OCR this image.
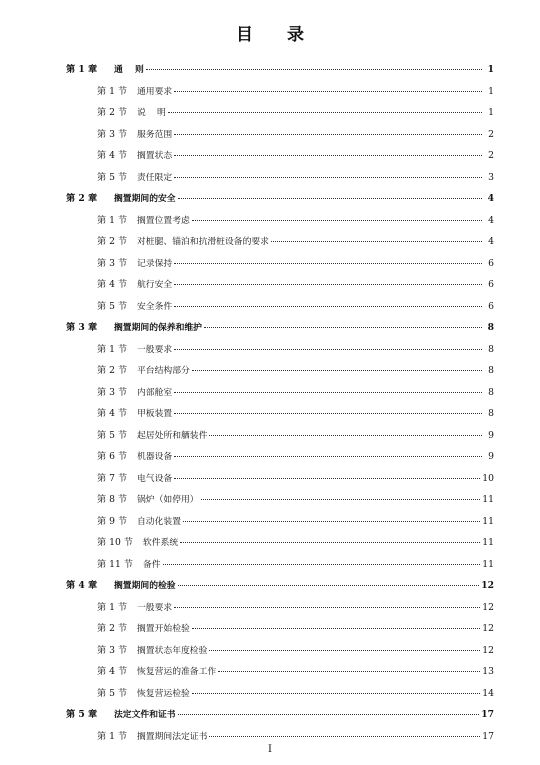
目 录
第 1 章	通    则	1
第 1 节	通用要求	1
第 2 节	说    明	1
第 3 节	服务范围	2
第 4 节	搁置状态	2
第 5 节	责任限定	3
第 2 章	搁置期间的安全	4
第 1 节	搁置位置考虑	4
第 2 节	对桩腿、锚泊和抗滑桩设备的要求	4
第 3 节	记录保持	6
第 4 节	航行安全	6
第 5 节	安全条件	6
第 3 章	搁置期间的保养和维护	8
第 1 节	一般要求	8
第 2 节	平台结构部分	8
第 3 节	内部舱室	8
第 4 节	甲板装置	8
第 5 节	起居处所和舾装件	9
第 6 节	机器设备	9
第 7 节	电气设备	10
第 8 节	锅炉（如停用）	11
第 9 节	自动化装置	11
第 10 节	软件系统	11
第 11 节	备件	11
第 4 章	搁置期间的检验	12
第 1 节	一般要求	12
第 2 节	搁置开始检验	12
第 3 节	搁置状态年度检验	12
第 4 节	恢复营运的准备工作	13
第 5 节	恢复营运检验	14
第 5 章	法定文件和证书	17
第 1 节	搁置期间法定证书	17
I
